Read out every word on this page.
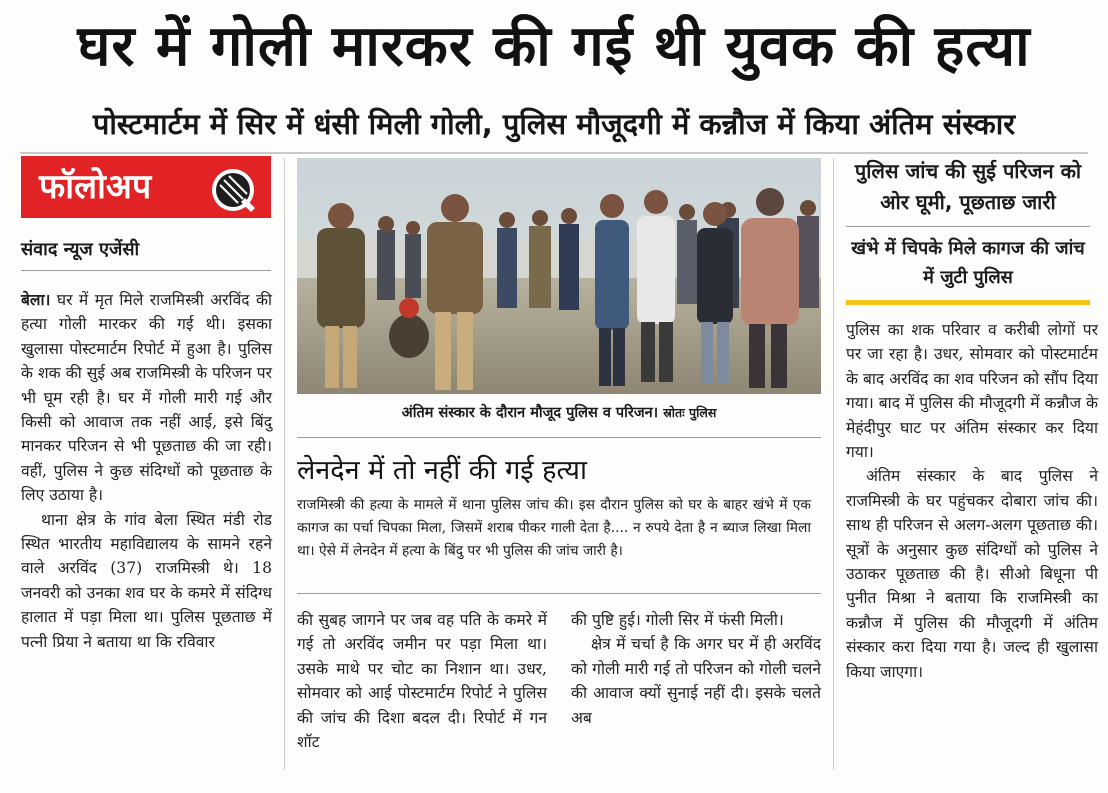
घर में गोली मारकर की गई थी युवक की हत्या
पोस्टमार्टम में सिर में धंसी मिली गोली, पुलिस मौजूदगी में कन्नौज में किया अंतिम संस्कार
फॉलोअप
संवाद न्यूज एजेंसी

बेला। घर में मृत मिले राजमिस्त्री अरविंद की हत्या गोली मारकर की गई थी। इसका खुलासा पोस्टमार्टम रिपोर्ट में हुआ है। पुलिस के शक की सुई अब राजमिस्त्री के परिजन पर भी घूम रही है। घर में गोली मारी गई और किसी को आवाज तक नहीं आई, इसे बिंदु मानकर परिजन से भी पूछताछ की जा रही। वहीं, पुलिस ने कुछ संदिग्धों को पूछताछ के लिए उठाया है।

थाना क्षेत्र के गांव बेला स्थित मंडी रोड स्थित भारतीय महाविद्यालय के सामने रहने वाले अरविंद (37) राजमिस्त्री थे। 18 जनवरी को उनका शव घर के कमरे में संदिग्ध हालात में पड़ा मिला था। पुलिस पूछताछ में पत्नी प्रिया ने बताया था कि रविवार

अंतिम संस्कार के दौरान मौजूद पुलिस व परिजन। स्रोतः पुलिस
लेनदेन में तो नहीं की गई हत्या
राजमिस्त्री की हत्या के मामले में थाना पुलिस जांच की। इस दौरान पुलिस को घर के बाहर खंभे में एक कागज का पर्चा चिपका मिला, जिसमें शराब पीकर गाली देता है.... न रुपये देता है न ब्याज लिखा मिला था। ऐसे में लेनदेन में हत्या के बिंदु पर भी पुलिस की जांच जारी है।

की सुबह जागने पर जब वह पति के कमरे में गई तो अरविंद जमीन पर पड़ा मिला था। उसके माथे पर चोट का निशान था। उधर, सोमवार को आई पोस्टमार्टम रिपोर्ट ने पुलिस की जांच की दिशा बदल दी। रिपोर्ट में गन शॉट

की पुष्टि हुई। गोली सिर में फंसी मिली।

क्षेत्र में चर्चा है कि अगर घर में ही अरविंद को गोली मारी गई तो परिजन को गोली चलने की आवाज क्यों सुनाई नहीं दी। इसके चलते अब

पुलिस जांच की सुई परिजन को ओर घूमी, पूछताछ जारी
खंभे में चिपके मिले कागज की जांच में जुटी पुलिस

पुलिस का शक परिवार व करीबी लोगों पर पर जा रहा है। उधर, सोमवार को पोस्टमार्टम के बाद अरविंद का शव परिजन को सौंप दिया गया। बाद में पुलिस की मौजूदगी में कन्नौज के मेहंदीपुर घाट पर अंतिम संस्कार कर दिया गया।

अंतिम संस्कार के बाद पुलिस ने राजमिस्त्री के घर पहुंचकर दोबारा जांच की। साथ ही परिजन से अलग-अलग पूछताछ की। सूत्रों के अनुसार कुछ संदिग्धों को पुलिस ने उठाकर पूछताछ की है। सीओ बिधूना पी पुनीत मिश्रा ने बताया कि राजमिस्त्री का कन्नौज में पुलिस की मौजूदगी में अंतिम संस्कार करा दिया गया है। जल्द ही खुलासा किया जाएगा।
